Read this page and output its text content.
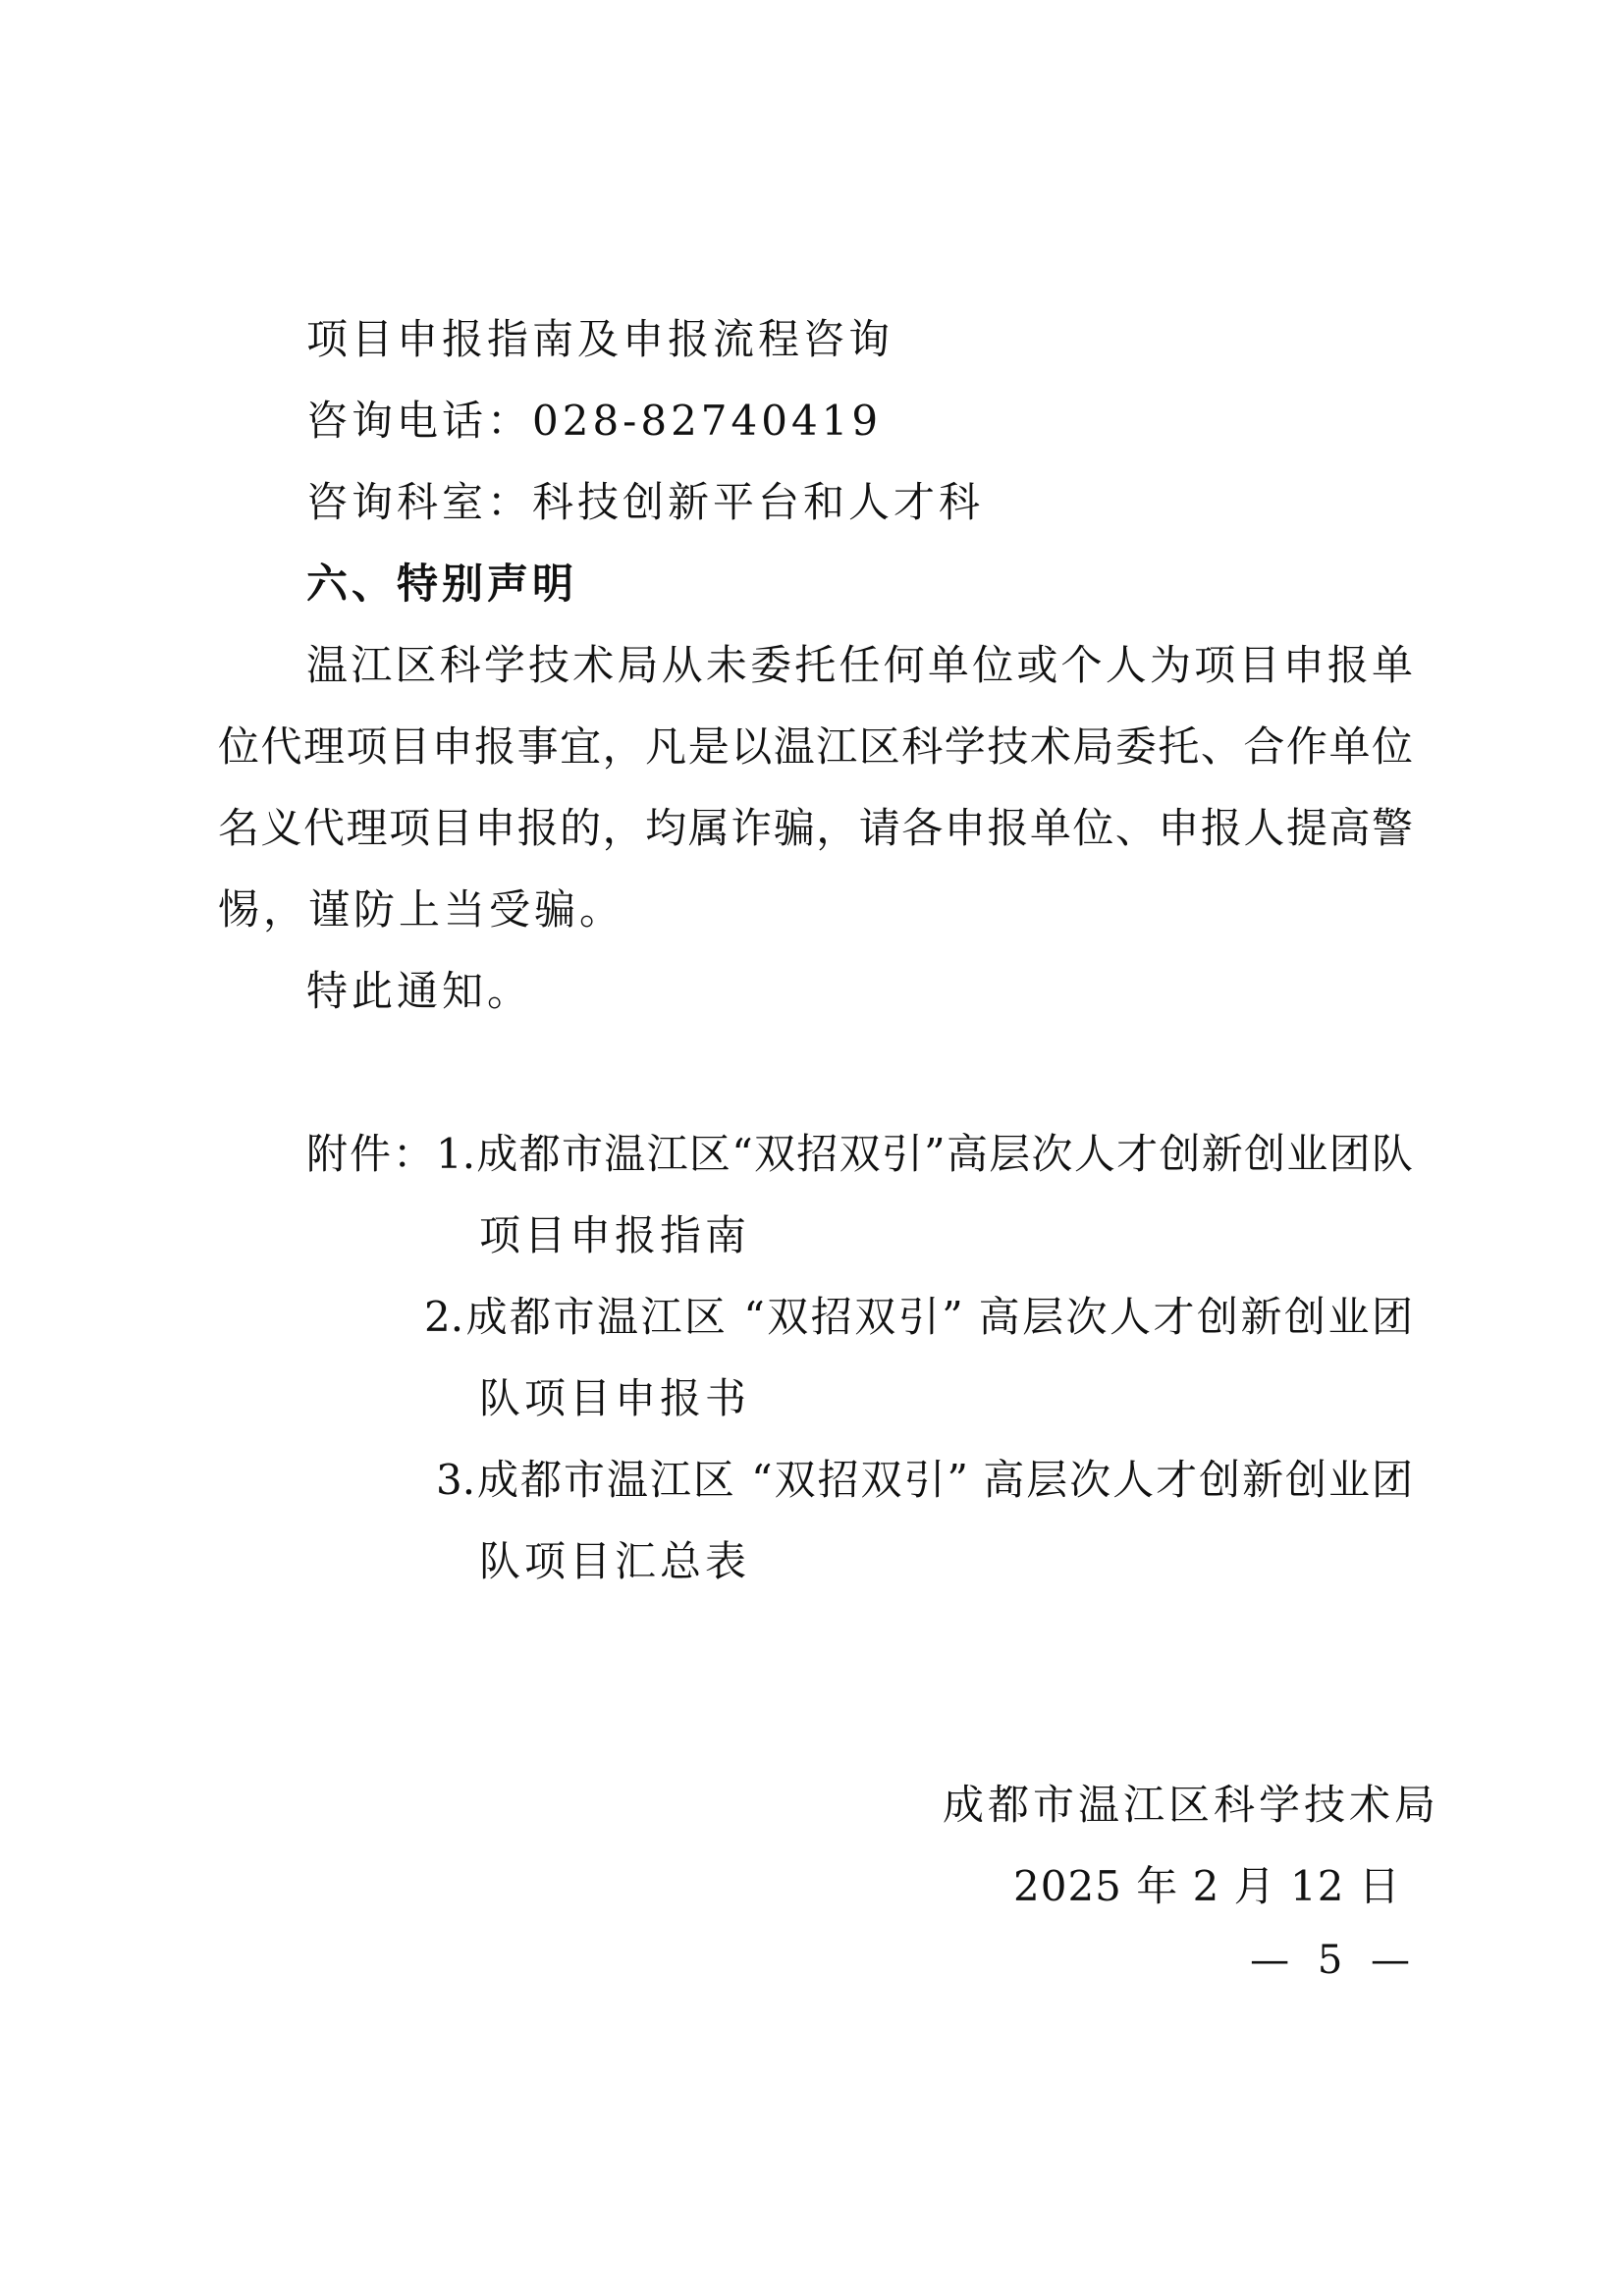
项目申报指南及申报流程咨询
咨询电话：028-82740419
咨询科室：科技创新平台和人才科
六、特别声明
温江区科学技术局从未委托任何单位或个人为项目申报单
位代理项目申报事宜，凡是以温江区科学技术局委托、合作单位
名义代理项目申报的，均属诈骗，请各申报单位、申报人提高警
惕，谨防上当受骗。
特此通知。
附件： 1.成都市温江区“双招双引”高层次人才创新创业团队
项目申报指南
2.成都市温江区 “双招双引” 高层次人才创新创业团
队项目申报书
3.成都市温江区 “双招双引” 高层次人才创新创业团
队项目汇总表
成都市温江区科学技术局
2025 年 2 月 12 日
— 5 —
